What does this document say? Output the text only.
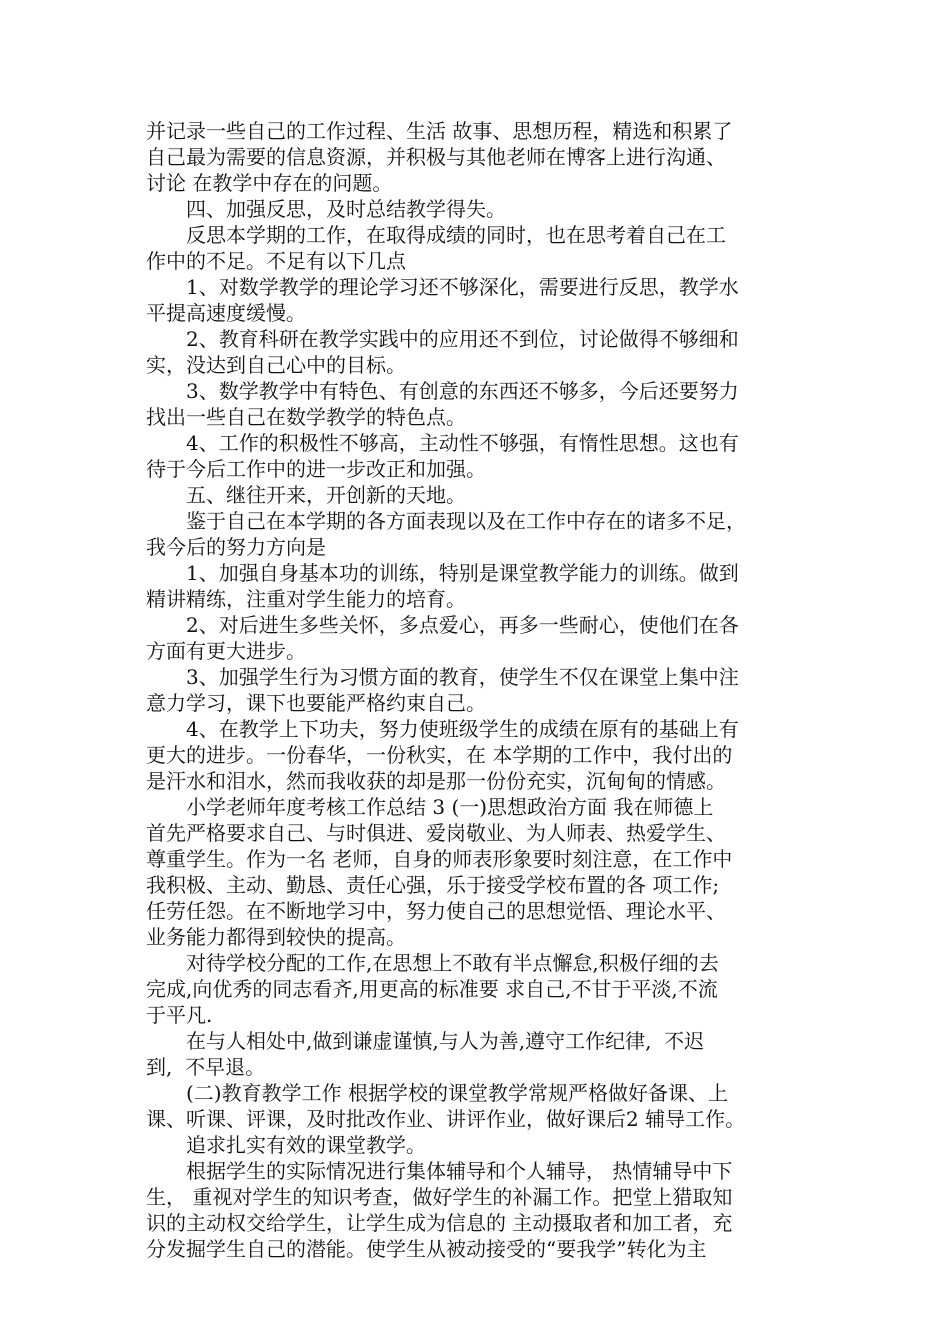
并记录一些自己的工作过程、生活 故事、思想历程，精选和积累了
自己最为需要的信息资源，并积极与其他老师在博客上进行沟通、
讨论 在教学中存在的问题。
四、加强反思，及时总结教学得失。
反思本学期的工作，在取得成绩的同时，也在思考着自己在工
作中的不足。不足有以下几点
1、对数学教学的理论学习还不够深化，需要进行反思，教学水
平提高速度缓慢。
2、教育科研在教学实践中的应用还不到位，讨论做得不够细和
实，没达到自己心中的目标。
3、数学教学中有特色、有创意的东西还不够多，今后还要努力
找出一些自己在数学教学的特色点。
4、工作的积极性不够高，主动性不够强，有惰性思想。这也有
待于今后工作中的进一步改正和加强。
五、继往开来，开创新的天地。
鉴于自己在本学期的各方面表现以及在工作中存在的诸多不足，
我今后的努力方向是
1、加强自身基本功的训练，特别是课堂教学能力的训练。做到
精讲精练，注重对学生能力的培育。
2、对后进生多些关怀，多点爱心，再多一些耐心，使他们在各
方面有更大进步。
3、加强学生行为习惯方面的教育，使学生不仅在课堂上集中注
意力学习，课下也要能严格约束自己。
4、在教学上下功夫，努力使班级学生的成绩在原有的基础上有
更大的进步。一份春华，一份秋实，在 本学期的工作中，我付出的
是汗水和泪水，然而我收获的却是那一份份充实，沉甸甸的情感。
小学老师年度考核工作总结 3 (一)思想政治方面 我在师德上
首先严格要求自己、与时俱进、爱岗敬业、为人师表、热爱学生、
尊重学生。作为一名 老师，自身的师表形象要时刻注意，在工作中
我积极、主动、勤恳、责任心强，乐于接受学校布置的各 项工作;
任劳任怨。在不断地学习中，努力使自己的思想觉悟、理论水平、
业务能力都得到较快的提高。
对待学校分配的工作,在思想上不敢有半点懈怠,积极仔细的去
完成,向优秀的同志看齐,用更高的标准要 求自己,不甘于平淡,不流
于平凡.
在与人相处中,做到谦虚谨慎,与人为善,遵守工作纪律,  不迟
到,  不早退。
(二)教育教学工作 根据学校的课堂教学常规严格做好备课、上
课、听课、评课，及时批改作业、讲评作业，做好课后2 辅导工作。
追求扎实有效的课堂教学。
根据学生的实际情况进行集体辅导和个人辅导， 热情辅导中下
生， 重视对学生的知识考查，做好学生的补漏工作。把堂上猎取知
识的主动权交给学生，让学生成为信息的 主动摄取者和加工者，充
分发掘学生自己的潜能。使学生从被动接受的“要我学”转化为主
